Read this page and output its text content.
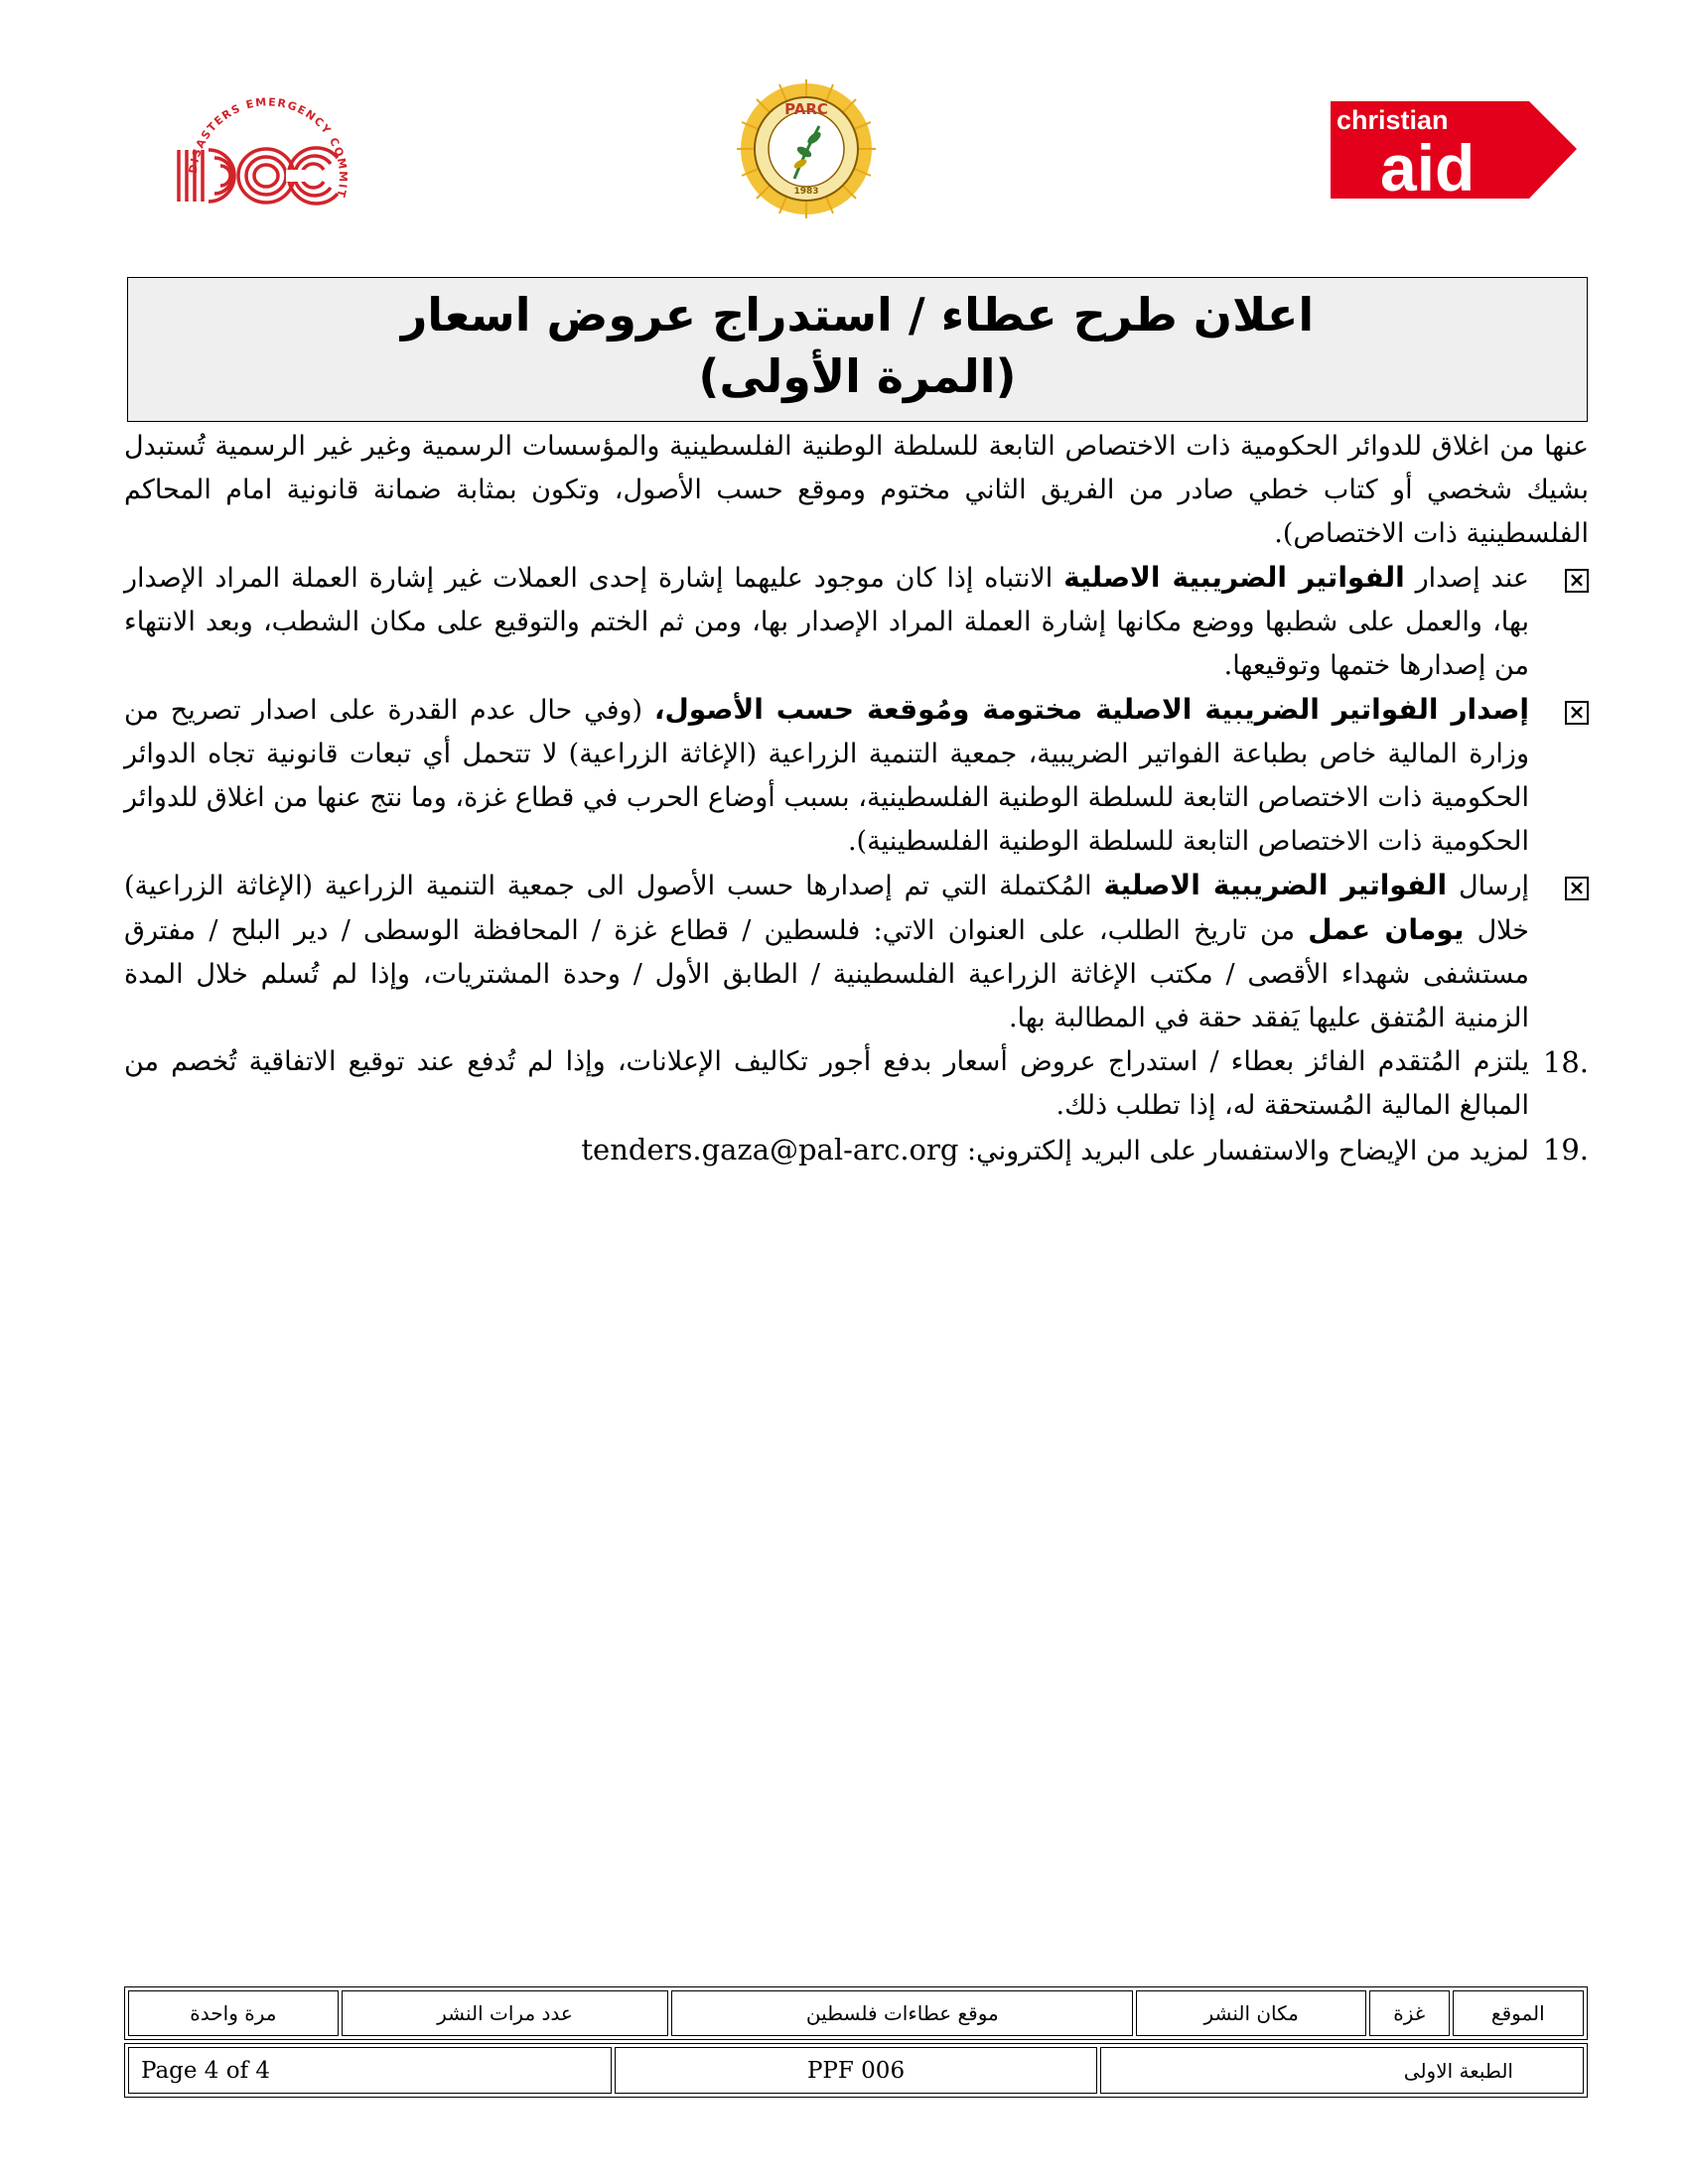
DISASTERS EMERGENCY COMMIT
PARC
1983
christian
aid
اعلان طرح عطاء / استدراج عروض اسعار
(المرة الأولى)
عنها من اغلاق للدوائر الحكومية ذات الاختصاص التابعة للسلطة الوطنية الفلسطينية والمؤسسات الرسمية وغير غير الرسمية تُستبدل بشيك شخصي أو كتاب خطي صادر من الفريق الثاني مختوم وموقع حسب الأصول، وتكون بمثابة ضمانة قانونية امام المحاكم الفلسطينية ذات الاختصاص).
×
عند إصدار الفواتير الضريبية الاصلية الانتباه إذا كان موجود عليهما إشارة إحدى العملات غير إشارة العملة المراد الإصدار بها، والعمل على شطبها ووضع مكانها إشارة العملة المراد الإصدار بها، ومن ثم الختم والتوقيع على مكان الشطب، وبعد الانتهاء من إصدارها ختمها وتوقيعها.
×
إصدار الفواتير الضريبية الاصلية مختومة ومُوقعة حسب الأصول، (وفي حال عدم القدرة على اصدار تصريح من وزارة المالية خاص بطباعة الفواتير الضريبية، جمعية التنمية الزراعية (الإغاثة الزراعية) لا تتحمل أي تبعات قانونية تجاه الدوائر الحكومية ذات الاختصاص التابعة للسلطة الوطنية الفلسطينية، بسبب أوضاع الحرب في قطاع غزة، وما نتج عنها من اغلاق للدوائر الحكومية ذات الاختصاص التابعة للسلطة الوطنية الفلسطينية).
×
إرسال الفواتير الضريبية الاصلية المُكتملة التي تم إصدارها حسب الأصول الى جمعية التنمية الزراعية (الإغاثة الزراعية) خلال يومان عمل من تاريخ الطلب، على العنوان الاتي: فلسطين / قطاع غزة / المحافظة الوسطى / دير البلح / مفترق مستشفى شهداء الأقصى / مكتب الإغاثة الزراعية الفلسطينية / الطابق الأول / وحدة المشتريات، وإذا لم تُسلم خلال المدة الزمنية المُتفق عليها يَفقد حقة في المطالبة بها.
18.
يلتزم المُتقدم الفائز بعطاء / استدراج عروض أسعار بدفع أجور تكاليف الإعلانات، وإذا لم تُدفع عند توقيع الاتفاقية تُخصم من المبالغ المالية المُستحقة له، إذا تطلب ذلك.
19.
لمزيد من الإيضاح والاستفسار على البريد إلكتروني: tenders.gaza@pal-arc.org
الموقع	غزة	مكان النشر	موقع عطاءات فلسطين	عدد مرات النشر	مرة واحدة
الطبعة الاولى	PPF 006	Page 4 of 4
